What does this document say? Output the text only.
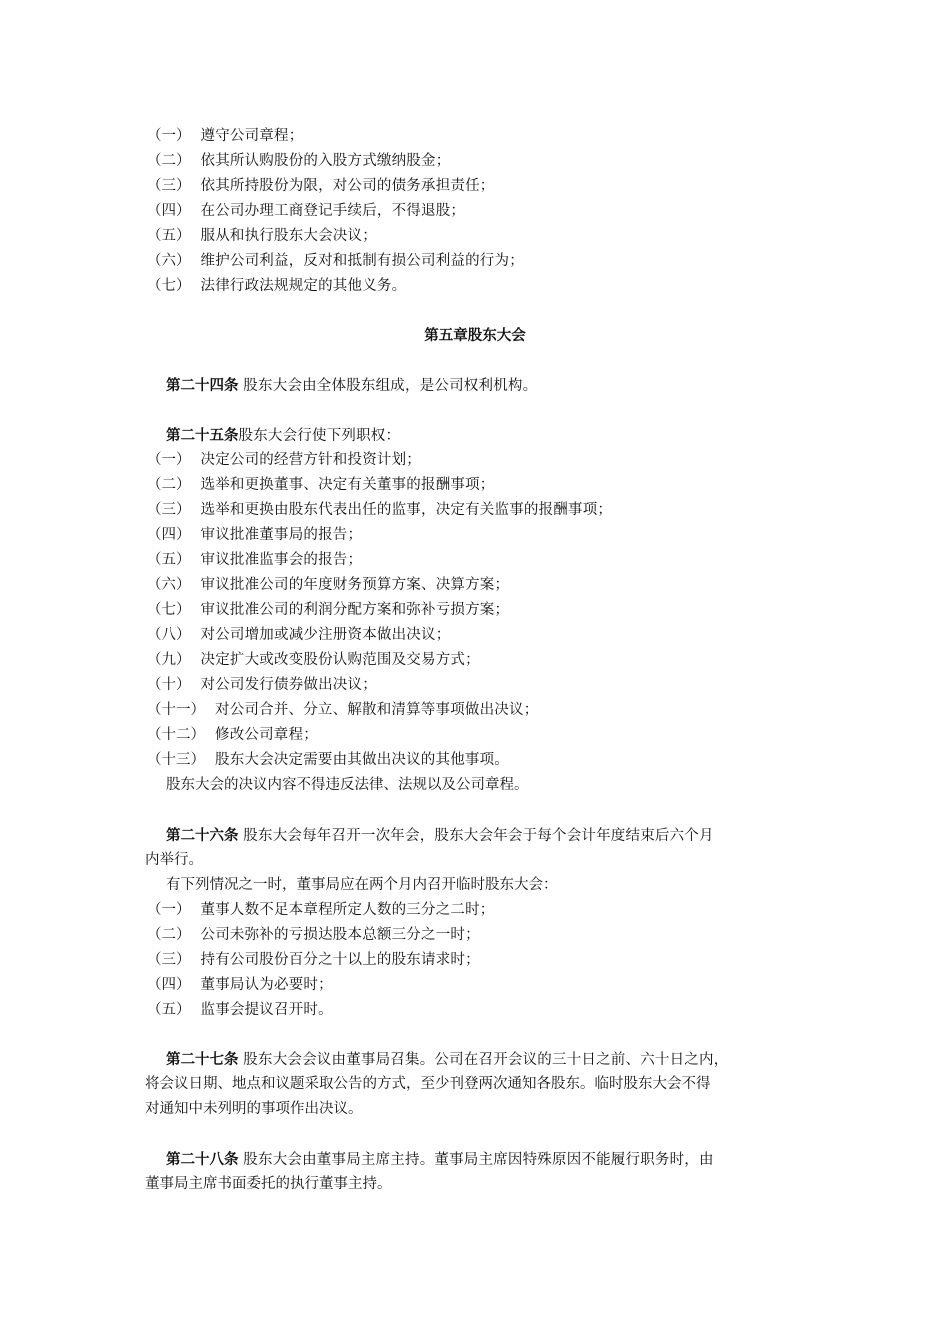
（一） 遵守公司章程；
（二） 依其所认购股份的入股方式缴纳股金；
（三） 依其所持股份为限，对公司的债务承担责任；
（四） 在公司办理工商登记手续后，不得退股；
（五） 服从和执行股东大会决议；
（六） 维护公司利益，反对和抵制有损公司利益的行为；
（七） 法律行政法规规定的其他义务。
第五章股东大会
第二十四条 股东大会由全体股东组成，是公司权利机构。
第二十五条股东大会行使下列职权：
（一） 决定公司的经营方针和投资计划；
（二） 选举和更换董事、决定有关董事的报酬事项；
（三） 选举和更换由股东代表出任的监事，决定有关监事的报酬事项；
（四） 审议批准董事局的报告；
（五） 审议批准监事会的报告；
（六） 审议批准公司的年度财务预算方案、决算方案；
（七） 审议批准公司的利润分配方案和弥补亏损方案；
（八） 对公司增加或减少注册资本做出决议；
（九） 决定扩大或改变股份认购范围及交易方式；
（十） 对公司发行债券做出决议；
（十一） 对公司合并、分立、解散和清算等事项做出决议；
（十二） 修改公司章程；
（十三） 股东大会决定需要由其做出决议的其他事项。
股东大会的决议内容不得违反法律、法规以及公司章程。
第二十六条 股东大会每年召开一次年会，股东大会年会于每个会计年度结束后六个月
内举行。
有下列情况之一时，董事局应在两个月内召开临时股东大会：
（一） 董事人数不足本章程所定人数的三分之二时；
（二） 公司未弥补的亏损达股本总额三分之一时；
（三） 持有公司股份百分之十以上的股东请求时；
（四） 董事局认为必要时；
（五） 监事会提议召开时。
第二十七条 股东大会会议由董事局召集。公司在召开会议的三十日之前、六十日之内，
将会议日期、地点和议题采取公告的方式，至少刊登两次通知各股东。临时股东大会不得
对通知中未列明的事项作出决议。
第二十八条 股东大会由董事局主席主持。董事局主席因特殊原因不能履行职务时，由
董事局主席书面委托的执行董事主持。
